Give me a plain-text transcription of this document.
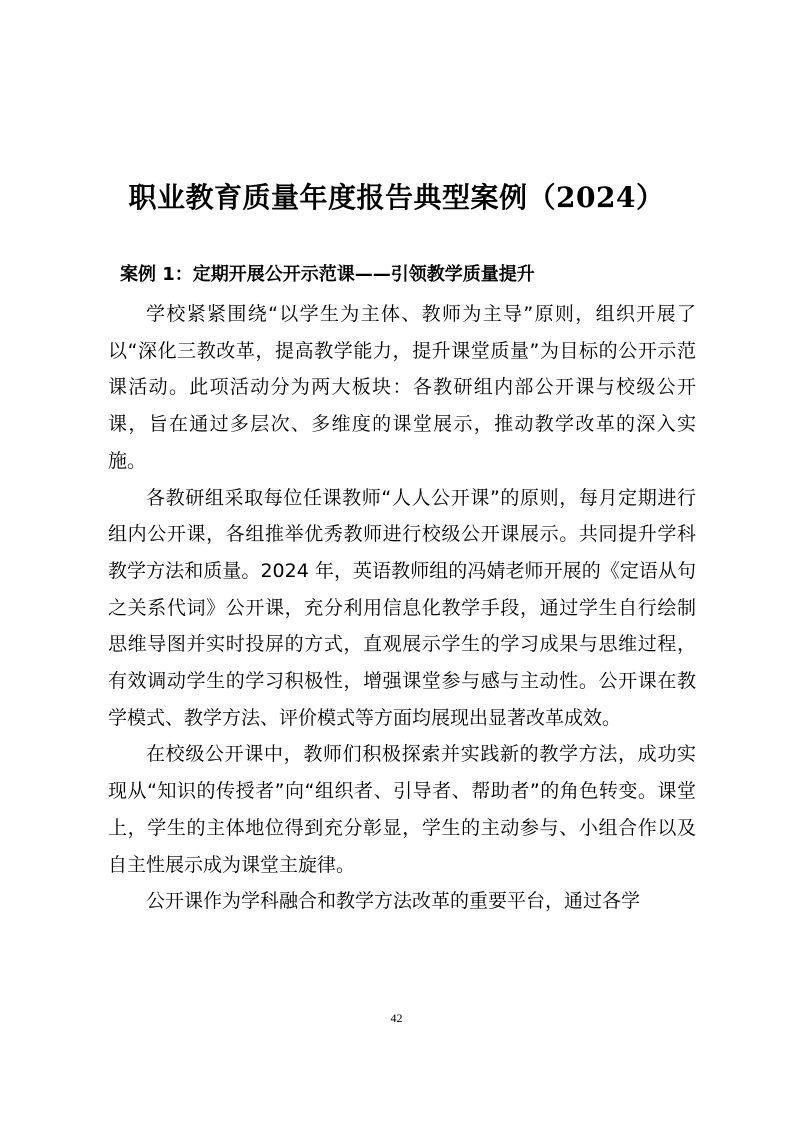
职业教育质量年度报告典型案例（2024）
案例 1：定期开展公开示范课——引领教学质量提升

学校紧紧围绕“以学生为主体、教师为主导”原则，组织开展了以“深化三教改革，提高教学能力，提升课堂质量”为目标的公开示范课活动。此项活动分为两大板块：各教研组内部公开课与校级公开课，旨在通过多层次、多维度的课堂展示，推动教学改革的深入实施。

各教研组采取每位任课教师“人人公开课”的原则，每月定期进行组内公开课，各组推举优秀教师进行校级公开课展示。共同提升学科教学方法和质量。2024 年，英语教师组的冯婧老师开展的《定语从句之关系代词》公开课，充分利用信息化教学手段，通过学生自行绘制思维导图并实时投屏的方式，直观展示学生的学习成果与思维过程，有效调动学生的学习积极性，增强课堂参与感与主动性。公开课在教学模式、教学方法、评价模式等方面均展现出显著改革成效。

在校级公开课中，教师们积极探索并实践新的教学方法，成功实现从“知识的传授者”向“组织者、引导者、帮助者”的角色转变。课堂上，学生的主体地位得到充分彰显，学生的主动参与、小组合作以及自主性展示成为课堂主旋律。

公开课作为学科融合和教学方法改革的重要平台，通过各学

42
